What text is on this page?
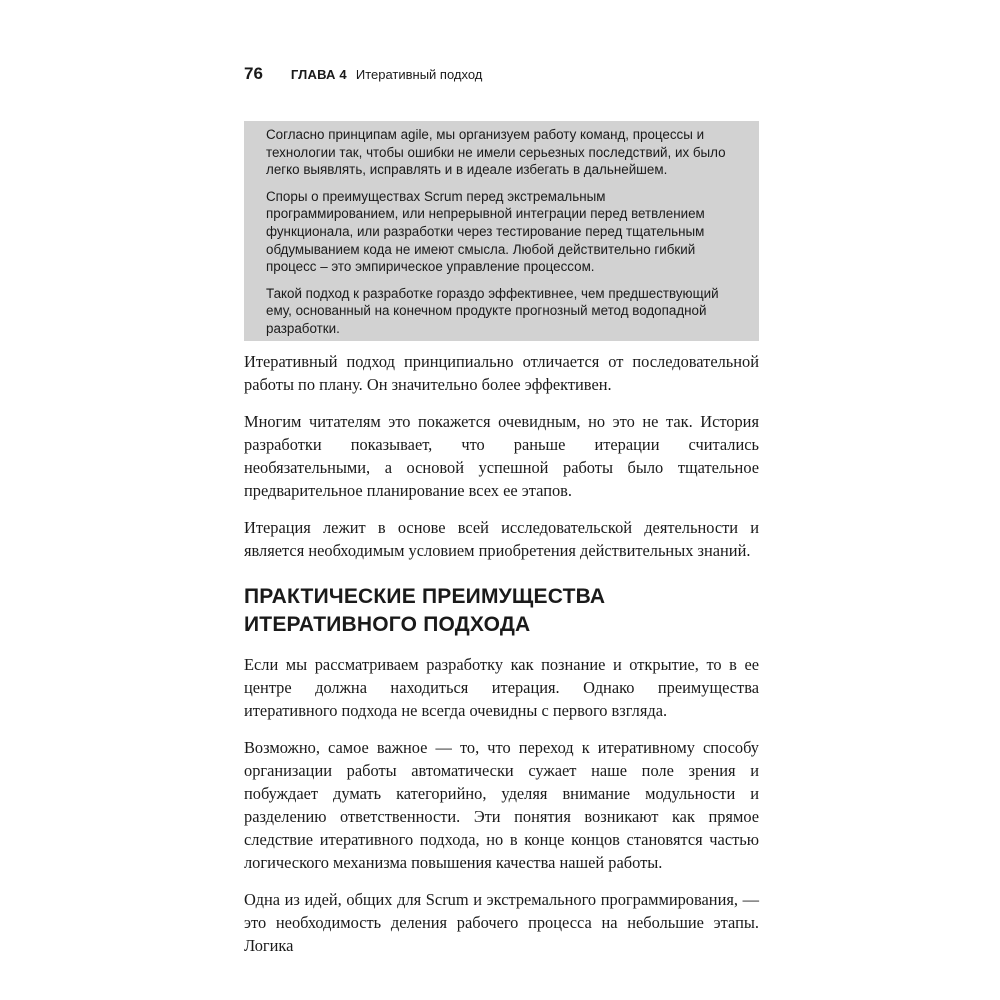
76 ГЛАВА 4 Итеративный подход

Согласно принципам agile, мы организуем работу команд, процессы и технологии так, чтобы ошибки не имели серьезных последствий, их было легко выявлять, исправлять и в идеале избегать в дальнейшем.

Споры о преимуществах Scrum перед экстремальным программированием, или непрерывной интеграции перед ветвлением функционала, или разработки через тестирование перед тщательным обдумыванием кода не имеют смысла. Любой действительно гибкий процесс – это эмпирическое управление процессом.

Такой подход к разработке гораздо эффективнее, чем предшествующий ему, основанный на конечном продукте прогнозный метод водопадной разработки.

Итеративный подход принципиально отличается от последовательной работы по плану. Он значительно более эффективен.

Многим читателям это покажется очевидным, но это не так. История разработки показывает, что раньше итерации считались необязательными, а основой успешной работы было тщательное предварительное планирование всех ее этапов.

Итерация лежит в основе всей исследовательской деятельности и является необходимым условием приобретения действительных знаний.

ПРАКТИЧЕСКИЕ ПРЕИМУЩЕСТВА
ИТЕРАТИВНОГО ПОДХОДА

Если мы рассматриваем разработку как познание и открытие, то в ее центре должна находиться итерация. Однако преимущества итеративного подхода не всегда очевидны с первого взгляда.

Возможно, самое важное — то, что переход к итеративному способу организации работы автоматически сужает наше поле зрения и побуждает думать категорийно, уделяя внимание модульности и разделению ответственности. Эти понятия возникают как прямое следствие итеративного подхода, но в конце концов становятся частью логического механизма повышения качества нашей работы.

Одна из идей, общих для Scrum и экстремального программирования, — это необходимость деления рабочего процесса на небольшие этапы. Логика
